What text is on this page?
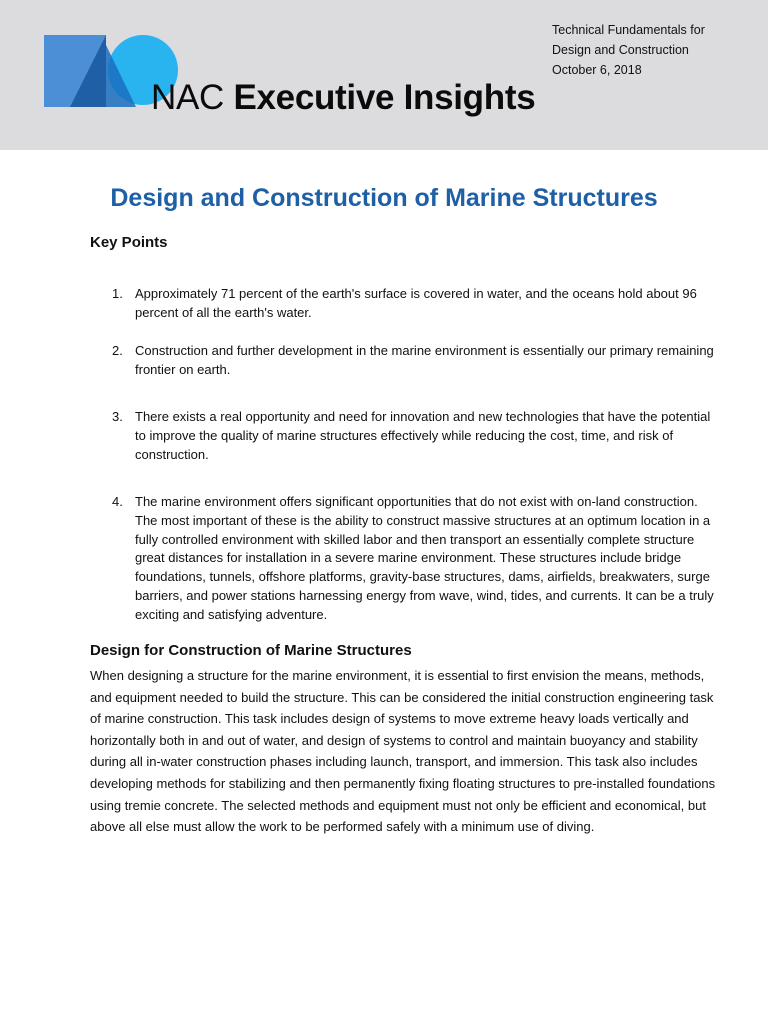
NAC Executive Insights
Technical Fundamentals for
Design and Construction
October 6, 2018
Design and Construction of Marine Structures
Key Points
1. Approximately 71 percent of the earth's surface is covered in water, and the oceans hold about 96 percent of all the earth's water.
2. Construction and further development in the marine environment is essentially our primary remaining frontier on earth.
3. There exists a real opportunity and need for innovation and new technologies that have the potential to improve the quality of marine structures effectively while reducing the cost, time, and risk of construction.
4. The marine environment offers significant opportunities that do not exist with on-land construction. The most important of these is the ability to construct massive structures at an optimum location in a fully controlled environment with skilled labor and then transport an essentially complete structure great distances for installation in a severe marine environment. These structures include bridge foundations, tunnels, offshore platforms, gravity-base structures, dams, airfields, breakwaters, surge barriers, and power stations harnessing energy from wave, wind, tides, and currents. It can be a truly exciting and satisfying adventure.
Design for Construction of Marine Structures

When designing a structure for the marine environment, it is essential to first envision the means, methods, and equipment needed to build the structure. This can be considered the initial construction engineering task of marine construction. This task includes design of systems to move extreme heavy loads vertically and horizontally both in and out of water, and design of systems to control and maintain buoyancy and stability during all in-water construction phases including launch, transport, and immersion. This task also includes developing methods for stabilizing and then permanently fixing floating structures to pre-installed foundations using tremie concrete. The selected methods and equipment must not only be efficient and economical, but above all else must allow the work to be performed safely with a minimum use of diving.
